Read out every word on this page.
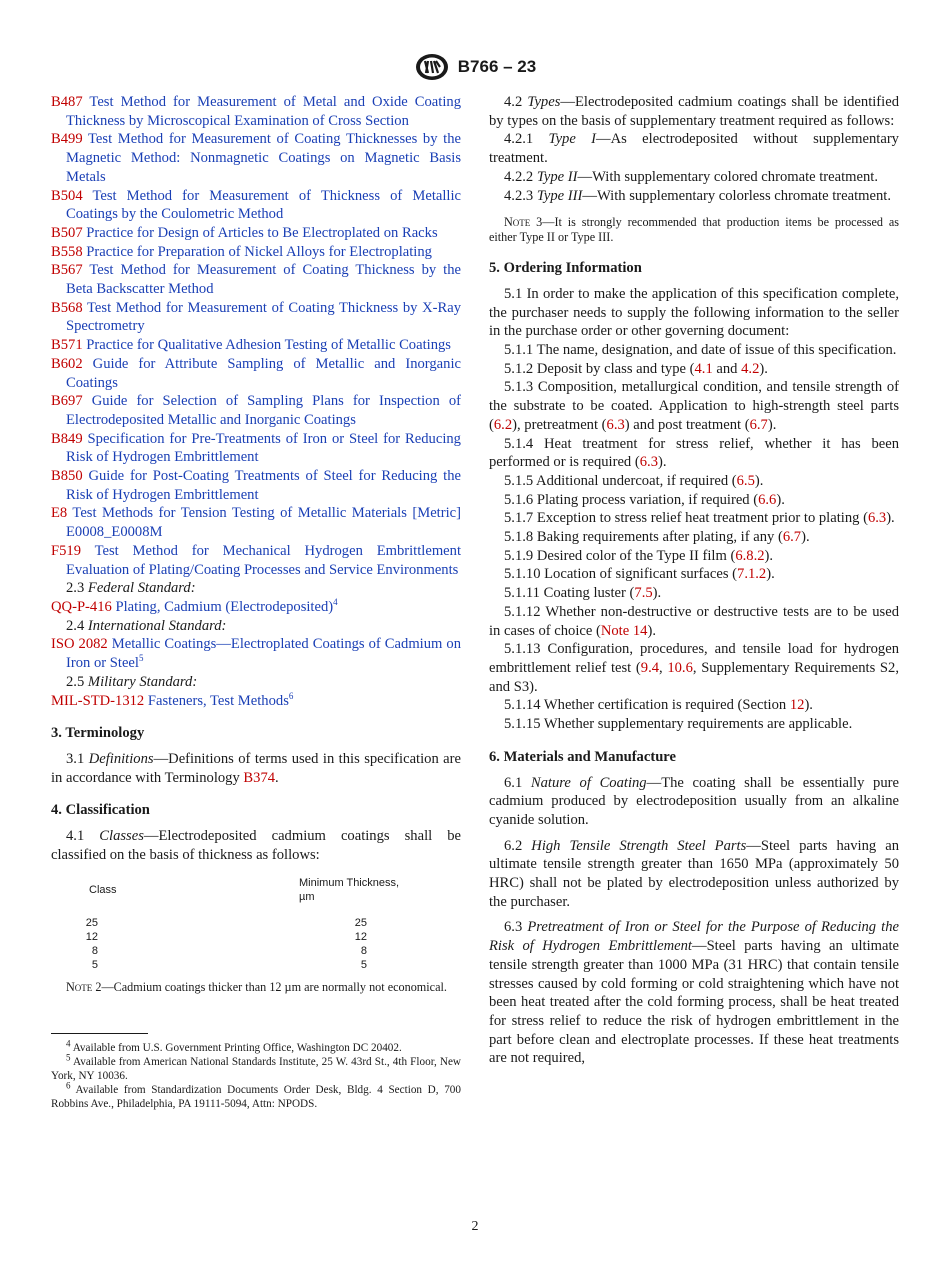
B766 – 23
B487 Test Method for Measurement of Metal and Oxide Coating Thickness by Microscopical Examination of Cross Section
B499 Test Method for Measurement of Coating Thicknesses by the Magnetic Method: Nonmagnetic Coatings on Magnetic Basis Metals
B504 Test Method for Measurement of Thickness of Metallic Coatings by the Coulometric Method
B507 Practice for Design of Articles to Be Electroplated on Racks
B558 Practice for Preparation of Nickel Alloys for Electroplating
B567 Test Method for Measurement of Coating Thickness by the Beta Backscatter Method
B568 Test Method for Measurement of Coating Thickness by X-Ray Spectrometry
B571 Practice for Qualitative Adhesion Testing of Metallic Coatings
B602 Guide for Attribute Sampling of Metallic and Inorganic Coatings
B697 Guide for Selection of Sampling Plans for Inspection of Electrodeposited Metallic and Inorganic Coatings
B849 Specification for Pre-Treatments of Iron or Steel for Reducing Risk of Hydrogen Embrittlement
B850 Guide for Post-Coating Treatments of Steel for Reducing the Risk of Hydrogen Embrittlement
E8 Test Methods for Tension Testing of Metallic Materials [Metric] E0008_E0008M
F519 Test Method for Mechanical Hydrogen Embrittlement Evaluation of Plating/Coating Processes and Service Environments
2.3 Federal Standard:
QQ-P-416 Plating, Cadmium (Electrodeposited)$^4$
2.4 International Standard:
ISO 2082 Metallic Coatings—Electroplated Coatings of Cadmium on Iron or Steel$^5$
2.5 Military Standard:
MIL-STD-1312 Fasteners, Test Methods$^6$
3. Terminology
3.1 Definitions—Definitions of terms used in this specification are in accordance with Terminology B374.
4. Classification
4.1 Classes—Electrodeposited cadmium coatings shall be classified on the basis of thickness as follows:
Class	Minimum Thickness, µm

25	25
12	12
8	8
5	5
Note 2—Cadmium coatings thicker than 12 µm are normally not economical.
$^4$ Available from U.S. Government Printing Office, Washington DC 20402.
$^5$ Available from American National Standards Institute, 25 W. 43rd St., 4th Floor, New York, NY 10036.
$^6$ Available from Standardization Documents Order Desk, Bldg. 4 Section D, 700 Robbins Ave., Philadelphia, PA 19111-5094, Attn: NPODS.
4.2 Types—Electrodeposited cadmium coatings shall be identified by types on the basis of supplementary treatment required as follows:
4.2.1 Type I—As electrodeposited without supplementary treatment.
4.2.2 Type II—With supplementary colored chromate treatment.
4.2.3 Type III—With supplementary colorless chromate treatment.
Note 3—It is strongly recommended that production items be processed as either Type II or Type III.
5. Ordering Information
5.1 In order to make the application of this specification complete, the purchaser needs to supply the following information to the seller in the purchase order or other governing document:
5.1.1 The name, designation, and date of issue of this specification.
5.1.2 Deposit by class and type (4.1 and 4.2).
5.1.3 Composition, metallurgical condition, and tensile strength of the substrate to be coated. Application to high-strength steel parts (6.2), pretreatment (6.3) and post treatment (6.7).
5.1.4 Heat treatment for stress relief, whether it has been performed or is required (6.3).
5.1.5 Additional undercoat, if required (6.5).
5.1.6 Plating process variation, if required (6.6).
5.1.7 Exception to stress relief heat treatment prior to plating (6.3).
5.1.8 Baking requirements after plating, if any (6.7).
5.1.9 Desired color of the Type II film (6.8.2).
5.1.10 Location of significant surfaces (7.1.2).
5.1.11 Coating luster (7.5).
5.1.12 Whether non-destructive or destructive tests are to be used in cases of choice (Note 14).
5.1.13 Configuration, procedures, and tensile load for hydrogen embrittlement relief test (9.4, 10.6, Supplementary Requirements S2, and S3).
5.1.14 Whether certification is required (Section 12).
5.1.15 Whether supplementary requirements are applicable.
6. Materials and Manufacture
6.1 Nature of Coating—The coating shall be essentially pure cadmium produced by electrodeposition usually from an alkaline cyanide solution.
6.2 High Tensile Strength Steel Parts—Steel parts having an ultimate tensile strength greater than 1650 MPa (approximately 50 HRC) shall not be plated by electrodeposition unless authorized by the purchaser.
6.3 Pretreatment of Iron or Steel for the Purpose of Reducing the Risk of Hydrogen Embrittlement—Steel parts having an ultimate tensile strength greater than 1000 MPa (31 HRC) that contain tensile stresses caused by cold forming or cold straightening which have not been heat treated after the cold forming process, shall be heat treated for stress relief to reduce the risk of hydrogen embrittlement in the part before clean and electroplate processes. If these heat treatments are not required,
2
